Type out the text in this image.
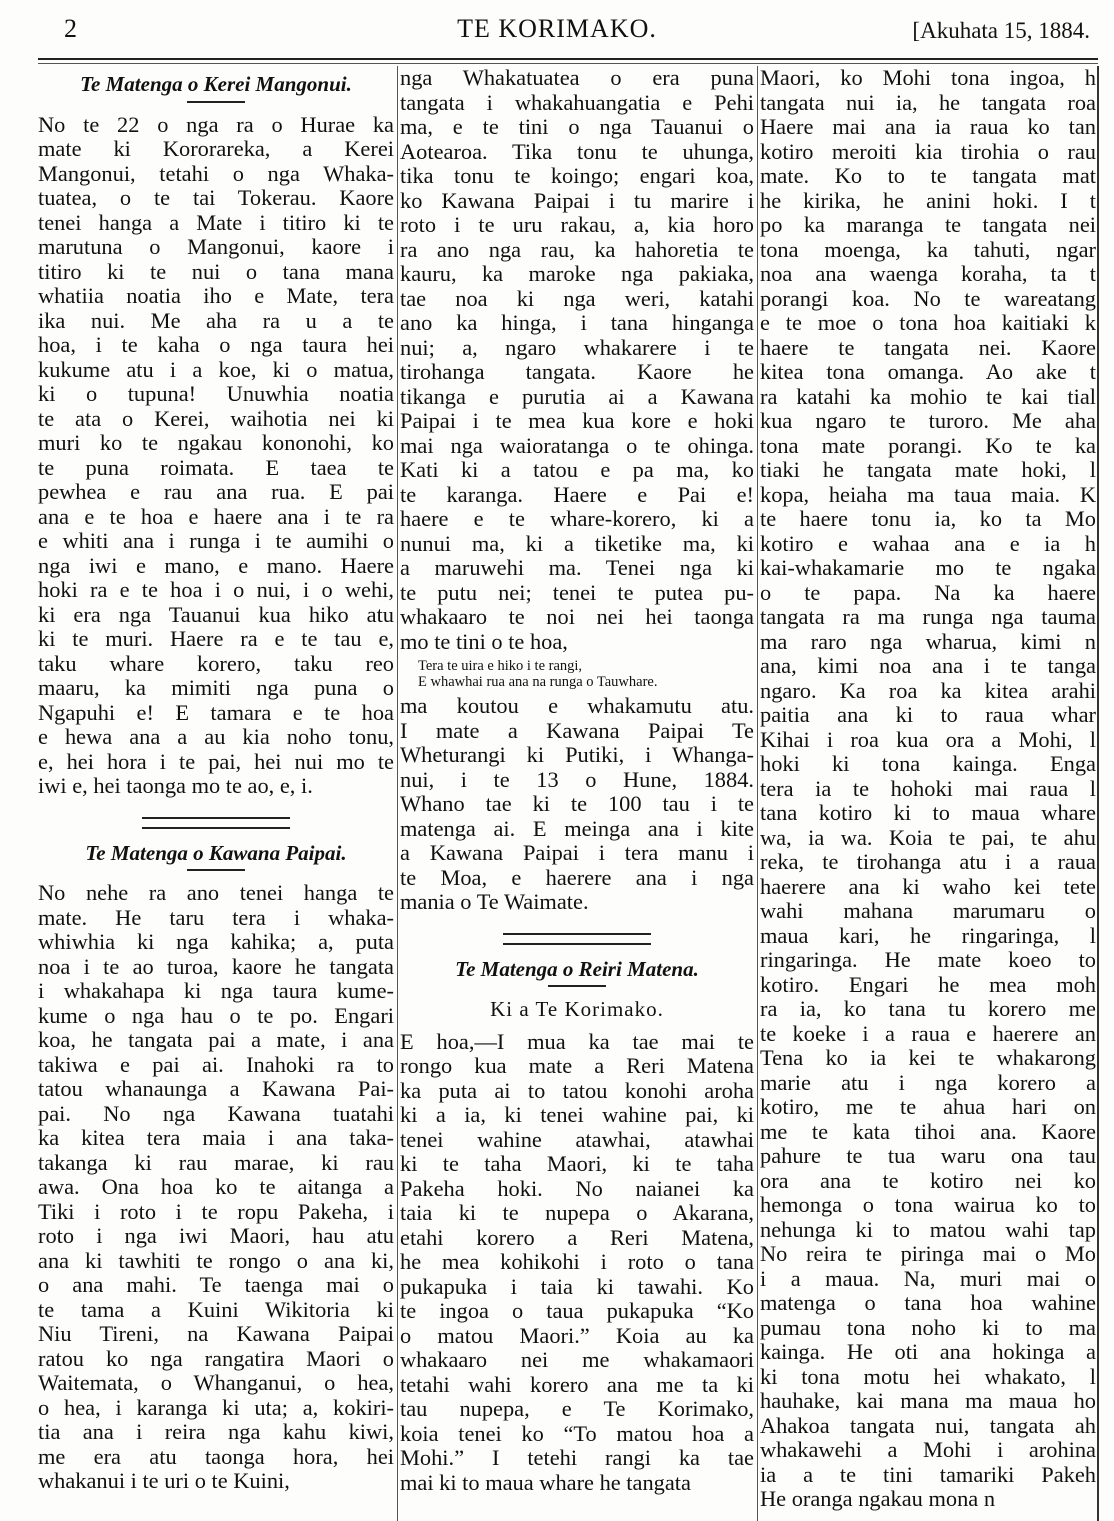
2	TE KORIMAKO.	[Akuhata 15, 1884.
Te Matenga o Kerei Mangonui.
No te 22 o nga ra o Hurae ka
mate ki Kororareka, a Kerei
Mangonui, tetahi o nga Whaka-
tuatea, o te tai Tokerau. Kaore
tenei hanga a Mate i titiro ki te
marutuna o Mangonui, kaore i
titiro ki te nui o tana mana
whatiia noatia iho e Mate, tera
ika nui. Me aha ra u a te
hoa, i te kaha o nga taura hei
kukume atu i a koe, ki o matua,
ki o tupuna! Unuwhia noatia
te ata o Kerei, waihotia nei ki
muri ko te ngakau kononohi, ko
te puna roimata. E taea te
pewhea e rau ana rua. E pai
ana e te hoa e haere ana i te ra
e whiti ana i runga i te aumihi o
nga iwi e mano, e mano. Haere
hoki ra e te hoa i o nui, i o wehi,
ki era nga Tauanui kua hiko atu
ki te muri. Haere ra e te tau e,
taku whare korero, taku reo
maaru, ka mimiti nga puna o
Ngapuhi e! E tamara e te hoa
e hewa ana a au kia noho tonu,
e, hei hora i te pai, hei nui mo te
iwi e, hei taonga mo te ao, e, i.
Te Matenga o Kawana Paipai.
No nehe ra ano tenei hanga te
mate. He taru tera i whaka-
whiwhia ki nga kahika; a, puta
noa i te ao turoa, kaore he tangata
i whakahapa ki nga taura kume-
kume o nga hau o te po. Engari
koa, he tangata pai a mate, i ana
takiwa e pai ai. Inahoki ra to
tatou whanaunga a Kawana Pai-
pai. No nga Kawana tuatahi
ka kitea tera maia i ana taka-
takanga ki rau marae, ki rau
awa. Ona hoa ko te aitanga a
Tiki i roto i te ropu Pakeha, i
roto i nga iwi Maori, hau atu
ana ki tawhiti te rongo o ana ki,
o ana mahi. Te taenga mai o
te tama a Kuini Wikitoria ki
Niu Tireni, na Kawana Paipai
ratou ko nga rangatira Maori o
Waitemata, o Whanganui, o hea,
o hea, i karanga ki uta; a, kokiri-
tia ana i reira nga kahu kiwi,
me era atu taonga hora, hei
whakanui i te uri o te Kuini,
nga Whakatuatea o era puna
tangata i whakahuangatia e Pehi
ma, e te tini o nga Tauanui o
Aotearoa. Tika tonu te uhunga,
tika tonu te koingo; engari koa,
ko Kawana Paipai i tu marire i
roto i te uru rakau, a, kia horo
ra ano nga rau, ka hahoretia te
kauru, ka maroke nga pakiaka,
tae noa ki nga weri, katahi
ano ka hinga, i tana hinganga
nui; a, ngaro whakarere i te
tirohanga tangata. Kaore he
tikanga e purutia ai a Kawana
Paipai i te mea kua kore e hoki
mai nga waioratanga o te ohinga.
Kati ki a tatou e pa ma, ko
te karanga. Haere e Pai e!
haere e te whare-korero, ki a
nunui ma, ki a tiketike ma, ki
a maruwehi ma. Tenei nga ki
te putu nei; tenei te putea pu-
whakaaro te noi nei hei taonga
mo te tini o te hoa,
Tera te uira e hiko i te rangi,
E whawhai rua ana na runga o Tauwhare.
ma koutou e whakamutu atu.
I mate a Kawana Paipai Te
Wheturangi ki Putiki, i Whanga-
nui, i te 13 o Hune, 1884.
Whano tae ki te 100 tau i te
matenga ai. E meinga ana i kite
a Kawana Paipai i tera manu i
te Moa, e haerere ana i nga
mania o Te Waimate.
Te Matenga o Reiri Matena.
Ki a Te Korimako.
E hoa,—I mua ka tae mai te
rongo kua mate a Reri Matena
ka puta ai to tatou konohi aroha
ki a ia, ki tenei wahine pai, ki
tenei wahine atawhai, atawhai
ki te taha Maori, ki te taha
Pakeha hoki. No naianei ka
taia ki te nupepa o Akarana,
etahi korero a Reri Matena,
he mea kohikohi i roto o tana
pukapuka i taia ki tawahi. Ko
te ingoa o taua pukapuka “Ko
o matou Maori.” Koia au ka
whakaaro nei me whakamaori
tetahi wahi korero ana me ta ki
tau nupepa, e Te Korimako,
koia tenei ko “To matou hoa a
Mohi.” I tetehi rangi ka tae
mai ki to maua whare he tangata
Maori, ko Mohi tona ingoa, h
tangata nui ia, he tangata roa
Haere mai ana ia raua ko tan
kotiro meroiti kia tirohia o rau
mate. Ko to te tangata mat
he kirika, he anini hoki. I t
po ka maranga te tangata nei
tona moenga, ka tahuti, ngar
noa ana waenga koraha, ta t
porangi koa. No te wareatang
e te moe o tona hoa kaitiaki k
haere te tangata nei. Kaore
kitea tona omanga. Ao ake t
ra katahi ka mohio te kai tial
kua ngaro te turoro. Me aha
tona mate porangi. Ko te ka
tiaki he tangata mate hoki, l
kopa, heiaha ma taua maia. K
te haere tonu ia, ko ta Mo
kotiro e wahaa ana e ia h
kai-whakamarie mo te ngaka
o te papa. Na ka haere
tangata ra ma runga nga tauma
ma raro nga wharua, kimi n
ana, kimi noa ana i te tanga
ngaro. Ka roa ka kitea arahi
paitia ana ki to raua whar
Kihai i roa kua ora a Mohi, l
hoki ki tona kainga. Enga
tera ia te hohoki mai raua l
tana kotiro ki to maua whare
wa, ia wa. Koia te pai, te ahu
reka, te tirohanga atu i a raua
haerere ana ki waho kei tete
wahi mahana marumaru o
maua kari, he ringaringa, l
ringaringa. He mate koeo to
kotiro. Engari he mea moh
ra ia, ko tana tu korero me
te koeke i a raua e haerere an
Tena ko ia kei te whakarong
marie atu i nga korero a
kotiro, me te ahua hari on
me te kata tihoi ana. Kaore
pahure te tua waru ona tau
ora ana te kotiro nei ko
hemonga o tona wairua ko to
nehunga ki to matou wahi tap
No reira te piringa mai o Mo
i a maua. Na, muri mai o
matenga o tana hoa wahine
pumau tona noho ki to ma
kainga. He oti ana hokinga a
ki tona motu hei whakato, l
hauhake, kai mana ma maua ho
Ahakoa tangata nui, tangata ah
whakawehi a Mohi i arohina
ia a te tini tamariki Pakeh
He oranga ngakau mona n
